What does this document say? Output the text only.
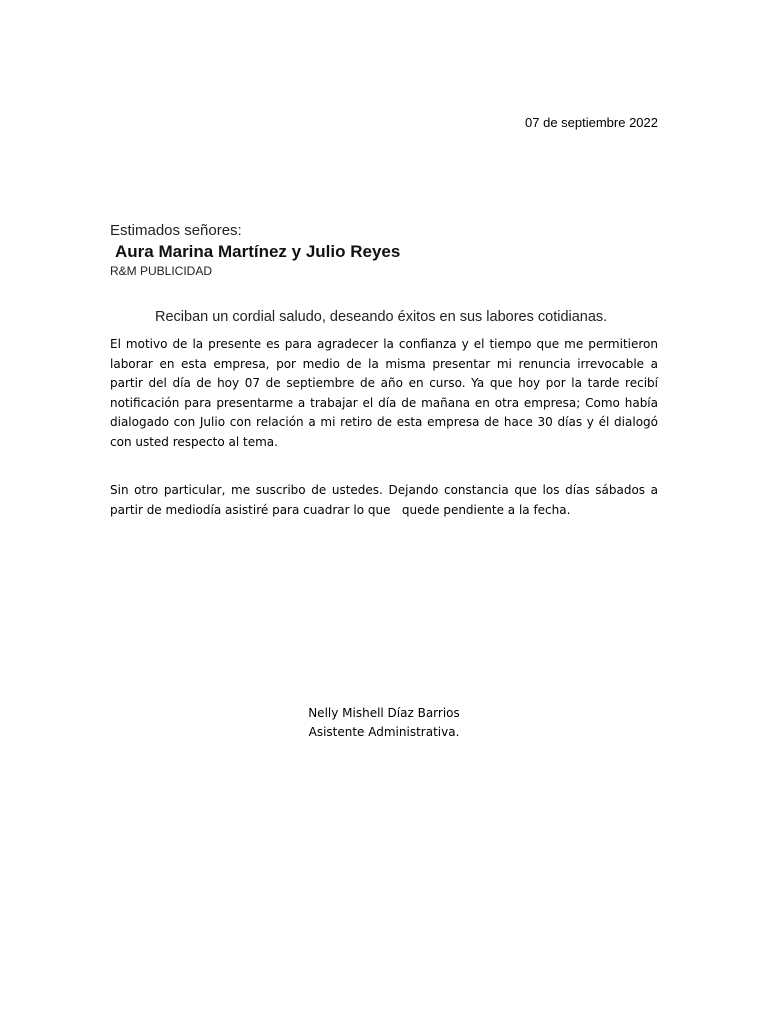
07 de septiembre 2022
Estimados señores:
Aura Marina Martínez y Julio Reyes
R&M PUBLICIDAD
Reciban un cordial saludo, deseando éxitos en sus labores cotidianas.
El motivo de la presente es para agradecer la confianza y el tiempo que me permitieron laborar en esta empresa, por medio de la misma presentar mi renuncia irrevocable a partir del día de hoy 07 de septiembre de año en curso. Ya que hoy por la tarde recibí notificación para presentarme a trabajar el día de mañana en otra empresa; Como había dialogado con Julio con relación a mi retiro de esta empresa de hace 30 días y él dialogó con usted respecto al tema.
Sin otro particular, me suscribo de ustedes. Dejando constancia que los días sábados a partir de mediodía asistiré para cuadrar lo que   quede pendiente a la fecha.
Nelly Mishell Díaz Barrios
Asistente Administrativa.
